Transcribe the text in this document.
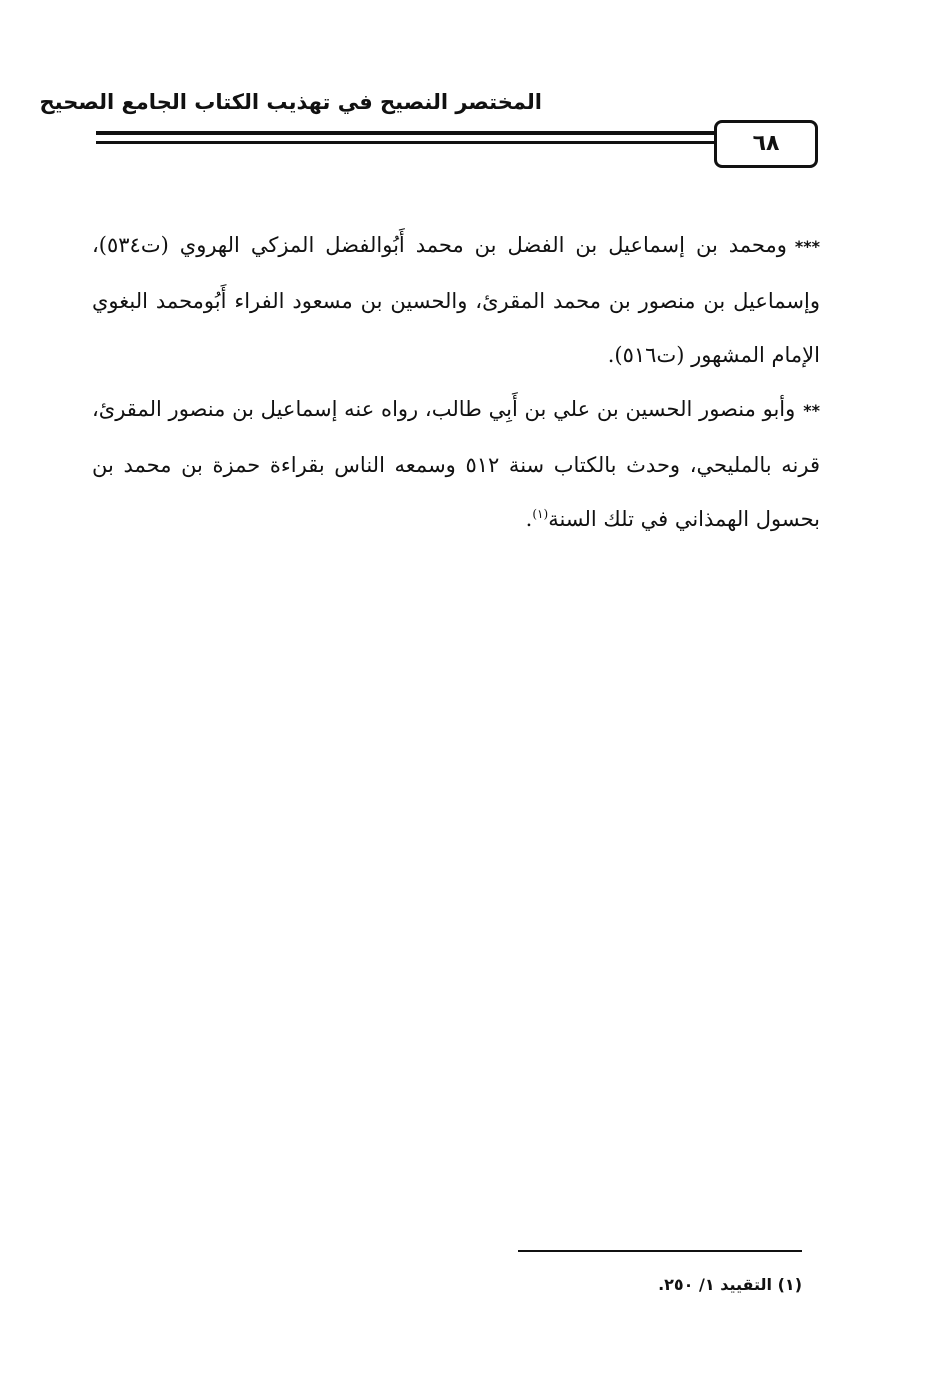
المختصر النصيح في تهذيب الكتاب الجامع الصحيح
٦٨

***ومحمد بن إسماعيل بن الفضل بن محمد أَبُوالفضل المزكي الهروي (ت٥٣٤)، وإسماعيل بن منصور بن محمد المقرئ، والحسين بن مسعود الفراء أَبُومحمد البغوي الإمام المشهور (ت٥١٦).

**وأبو منصور الحسين بن علي بن أَبِي طالب، رواه عنه إسماعيل بن منصور المقرئ، قرنه بالمليحي، وحدث بالكتاب سنة ٥١٢ وسمعه الناس بقراءة حمزة بن محمد بن بحسول الهمذاني في تلك السنة$^{(١)}$.

(١) التقييد ١/ ٢٥٠.
